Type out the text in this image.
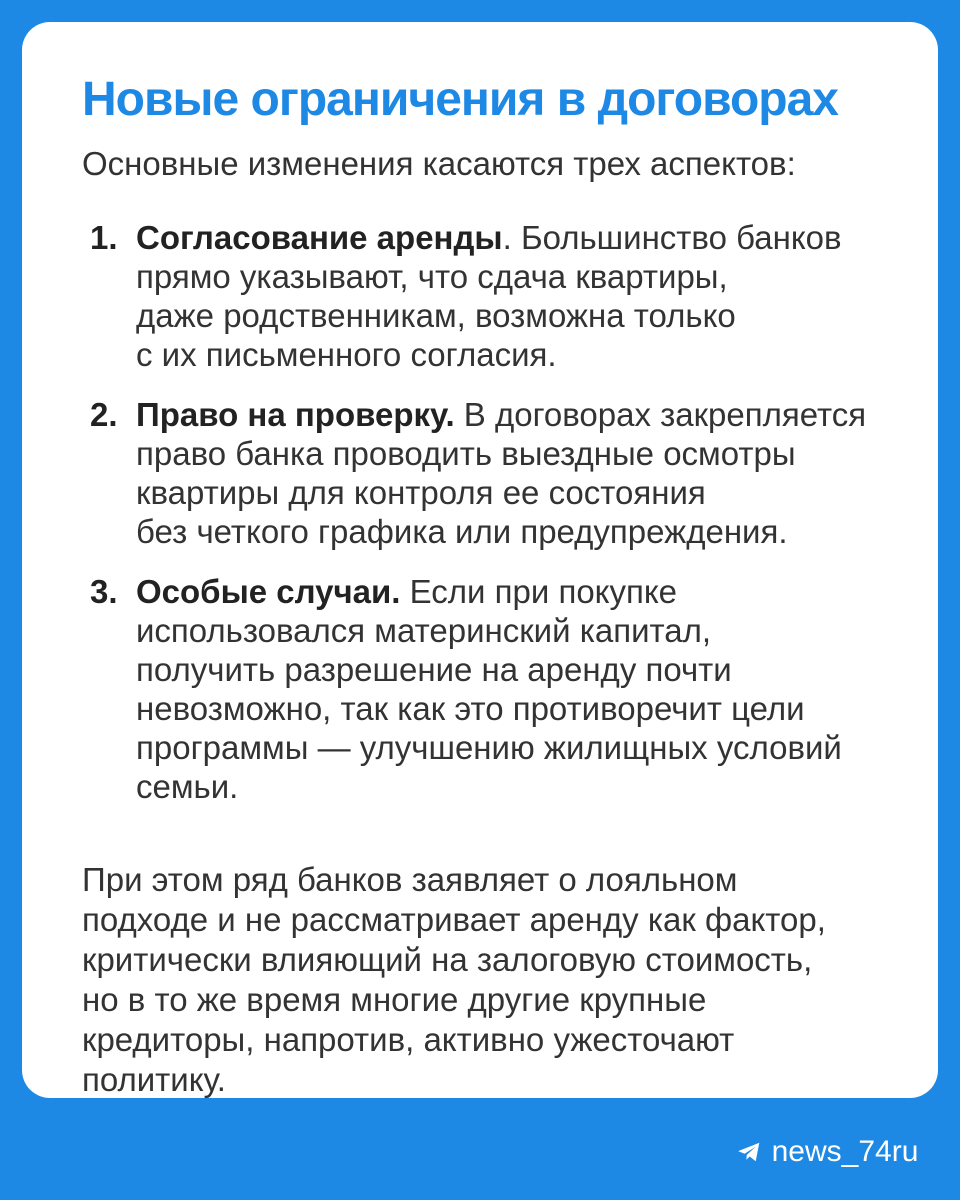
Новые ограничения в договорах

Основные изменения касаются трех аспектов:

1. Согласование аренды. Большинство банков
прямо указывают, что сдача квартиры,
даже родственникам, возможна только
с их письменного согласия.
2. Право на проверку. В договорах закрепляется
право банка проводить выездные осмотры
квартиры для контроля ее состояния
без четкого графика или предупреждения.
3. Особые случаи. Если при покупке
использовался материнский капитал,
получить разрешение на аренду почти
невозможно, так как это противоречит цели
программы — улучшению жилищных условий
семьи.

При этом ряд банков заявляет о лояльном
подходе и не рассматривает аренду как фактор,
критически влияющий на залоговую стоимость,
но в то же время многие другие крупные
кредиторы, напротив, активно ужесточают
политику.

news_74ru
